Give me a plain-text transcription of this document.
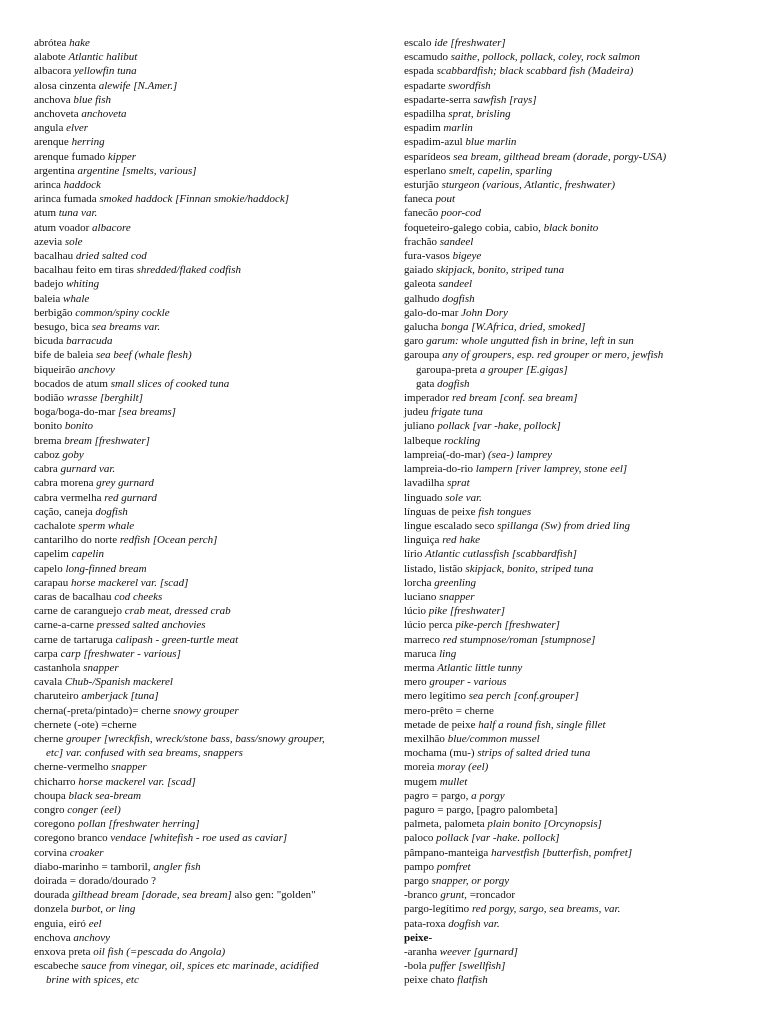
abrótea hake
alabote Atlantic halibut
albacora yellowfin tuna
alosa cinzenta alewife [N.Amer.]
anchova blue fish
anchoveta anchoveta
angula elver
arenque herring
arenque fumado kipper
argentina argentine [smelts, various]
arinca haddock
arinca fumada smoked haddock [Finnan smokie/haddock]
atum tuna var.
atum voador albacore
azevia sole
bacalhau dried salted cod
bacalhau feito em tiras shredded/flaked codfish
badejo whiting
baleia whale
berbigão common/spiny cockle
besugo, bica sea breams var.
bicuda barracuda
bife de baleia sea beef (whale flesh)
biqueirão anchovy
bocados de atum small slices of cooked tuna
bodião wrasse [berghilt]
boga/boga-do-mar [sea breams]
bonito bonito
brema bream [freshwater]
caboz goby
cabra gurnard var.
cabra morena grey gurnard
cabra vermelha red gurnard
cação, caneja dogfish
cachalote sperm whale
cantarilho do norte redfish [Ocean perch]
capelim capelin
capelo long-finned bream
carapau horse mackerel var. [scad]
caras de bacalhau cod cheeks
carne de caranguejo crab meat, dressed crab
carne-a-carne pressed salted anchovies
carne de tartaruga calipash - green-turtle meat
carpa carp [freshwater - various]
castanhola snapper
cavala Chub-/Spanish mackerel
charuteiro amberjack [tuna]
cherna(-preta/pintado)= cherne snowy grouper
chernete (-ote) =cherne
cherne grouper [wreckfish, wreck/stone bass, bass/snowy grouper,
etc] var. confused with sea breams, snappers
cherne-vermelho snapper
chicharro horse mackerel var. [scad]
choupa black sea-bream
congro conger (eel)
coregono pollan [freshwater herring]
coregono branco vendace [whitefish - roe used as caviar]
corvina croaker
diabo-marinho = tamboril, angler fish
doirada = dorado/dourado ?
dourada gilthead bream [dorade, sea bream] also gen: "golden"
donzela burbot, or ling
enguia, eiró eel
enchova anchovy
enxova preta oil fish (=pescada do Angola)
escabeche sauce from vinegar, oil, spices etc marinade, acidified
brine with spices, etc
escalo ide [freshwater]
escamudo saithe, pollock, pollack, coley, rock salmon
espada scabbardfish; black scabbard fish (Madeira)
espadarte swordfish
espadarte-serra sawfish [rays]
espadilha sprat, brisling
espadim marlin
espadim-azul blue marlin
esparídeos sea bream, gilthead bream (dorade, porgy-USA)
esperlano smelt, capelin, sparling
esturjão sturgeon (various, Atlantic, freshwater)
faneca pout
fanecão poor-cod
foqueteiro-galego cobia, cabio, black bonito
frachão sandeel
fura-vasos bigeye
gaiado skipjack, bonito, striped tuna
galeota sandeel
galhudo dogfish
galo-do-mar John Dory
galucha bonga [W.Africa, dried, smoked]
garo garum: whole ungutted fish in brine, left in sun
garoupa any of groupers, esp. red grouper or mero, jewfish
garoupa-preta a grouper [E.gigas]
gata dogfish
imperador red bream [conf. sea bream]
judeu frigate tuna
juliano pollack [var -hake, pollock]
lalbeque rockling
lampreia(-do-mar) (sea-) lamprey
lampreia-do-rio lampern [river lamprey, stone eel]
lavadilha sprat
linguado sole var.
línguas de peixe fish tongues
lingue escalado seco spillanga (Sw) from dried ling
linguiça red hake
lírio Atlantic cutlassfish [scabbardfish]
listado, listão skipjack, bonito, striped tuna
lorcha greenling
luciano snapper
lúcio pike [freshwater]
lúcio perca pike-perch [freshwater]
marreco red stumpnose/roman [stumpnose]
maruca ling
merma Atlantic little tunny
mero grouper - various
mero legítimo sea perch [conf.grouper]
mero-prêto = cherne
metade de peixe half a round fish, single fillet
mexilhão blue/common mussel
mochama (mu-) strips of salted dried tuna
moreia moray (eel)
mugem mullet
pagro = pargo, a porgy
paguro = pargo, [pagro palombeta]
palmeta, palometa plain bonito [Orcynopsis]
paloco pollack [var -hake. pollock]
pâmpano-manteiga harvestfish [butterfish, pomfret]
pampo pomfret
pargo snapper, or porgy
-branco grunt, =roncador
pargo-legítimo red porgy, sargo, sea breams, var.
pata-roxa dogfish var.
peixe-
-aranha weever [gurnard]
-bola puffer [swellfish]
peixe chato flatfish
